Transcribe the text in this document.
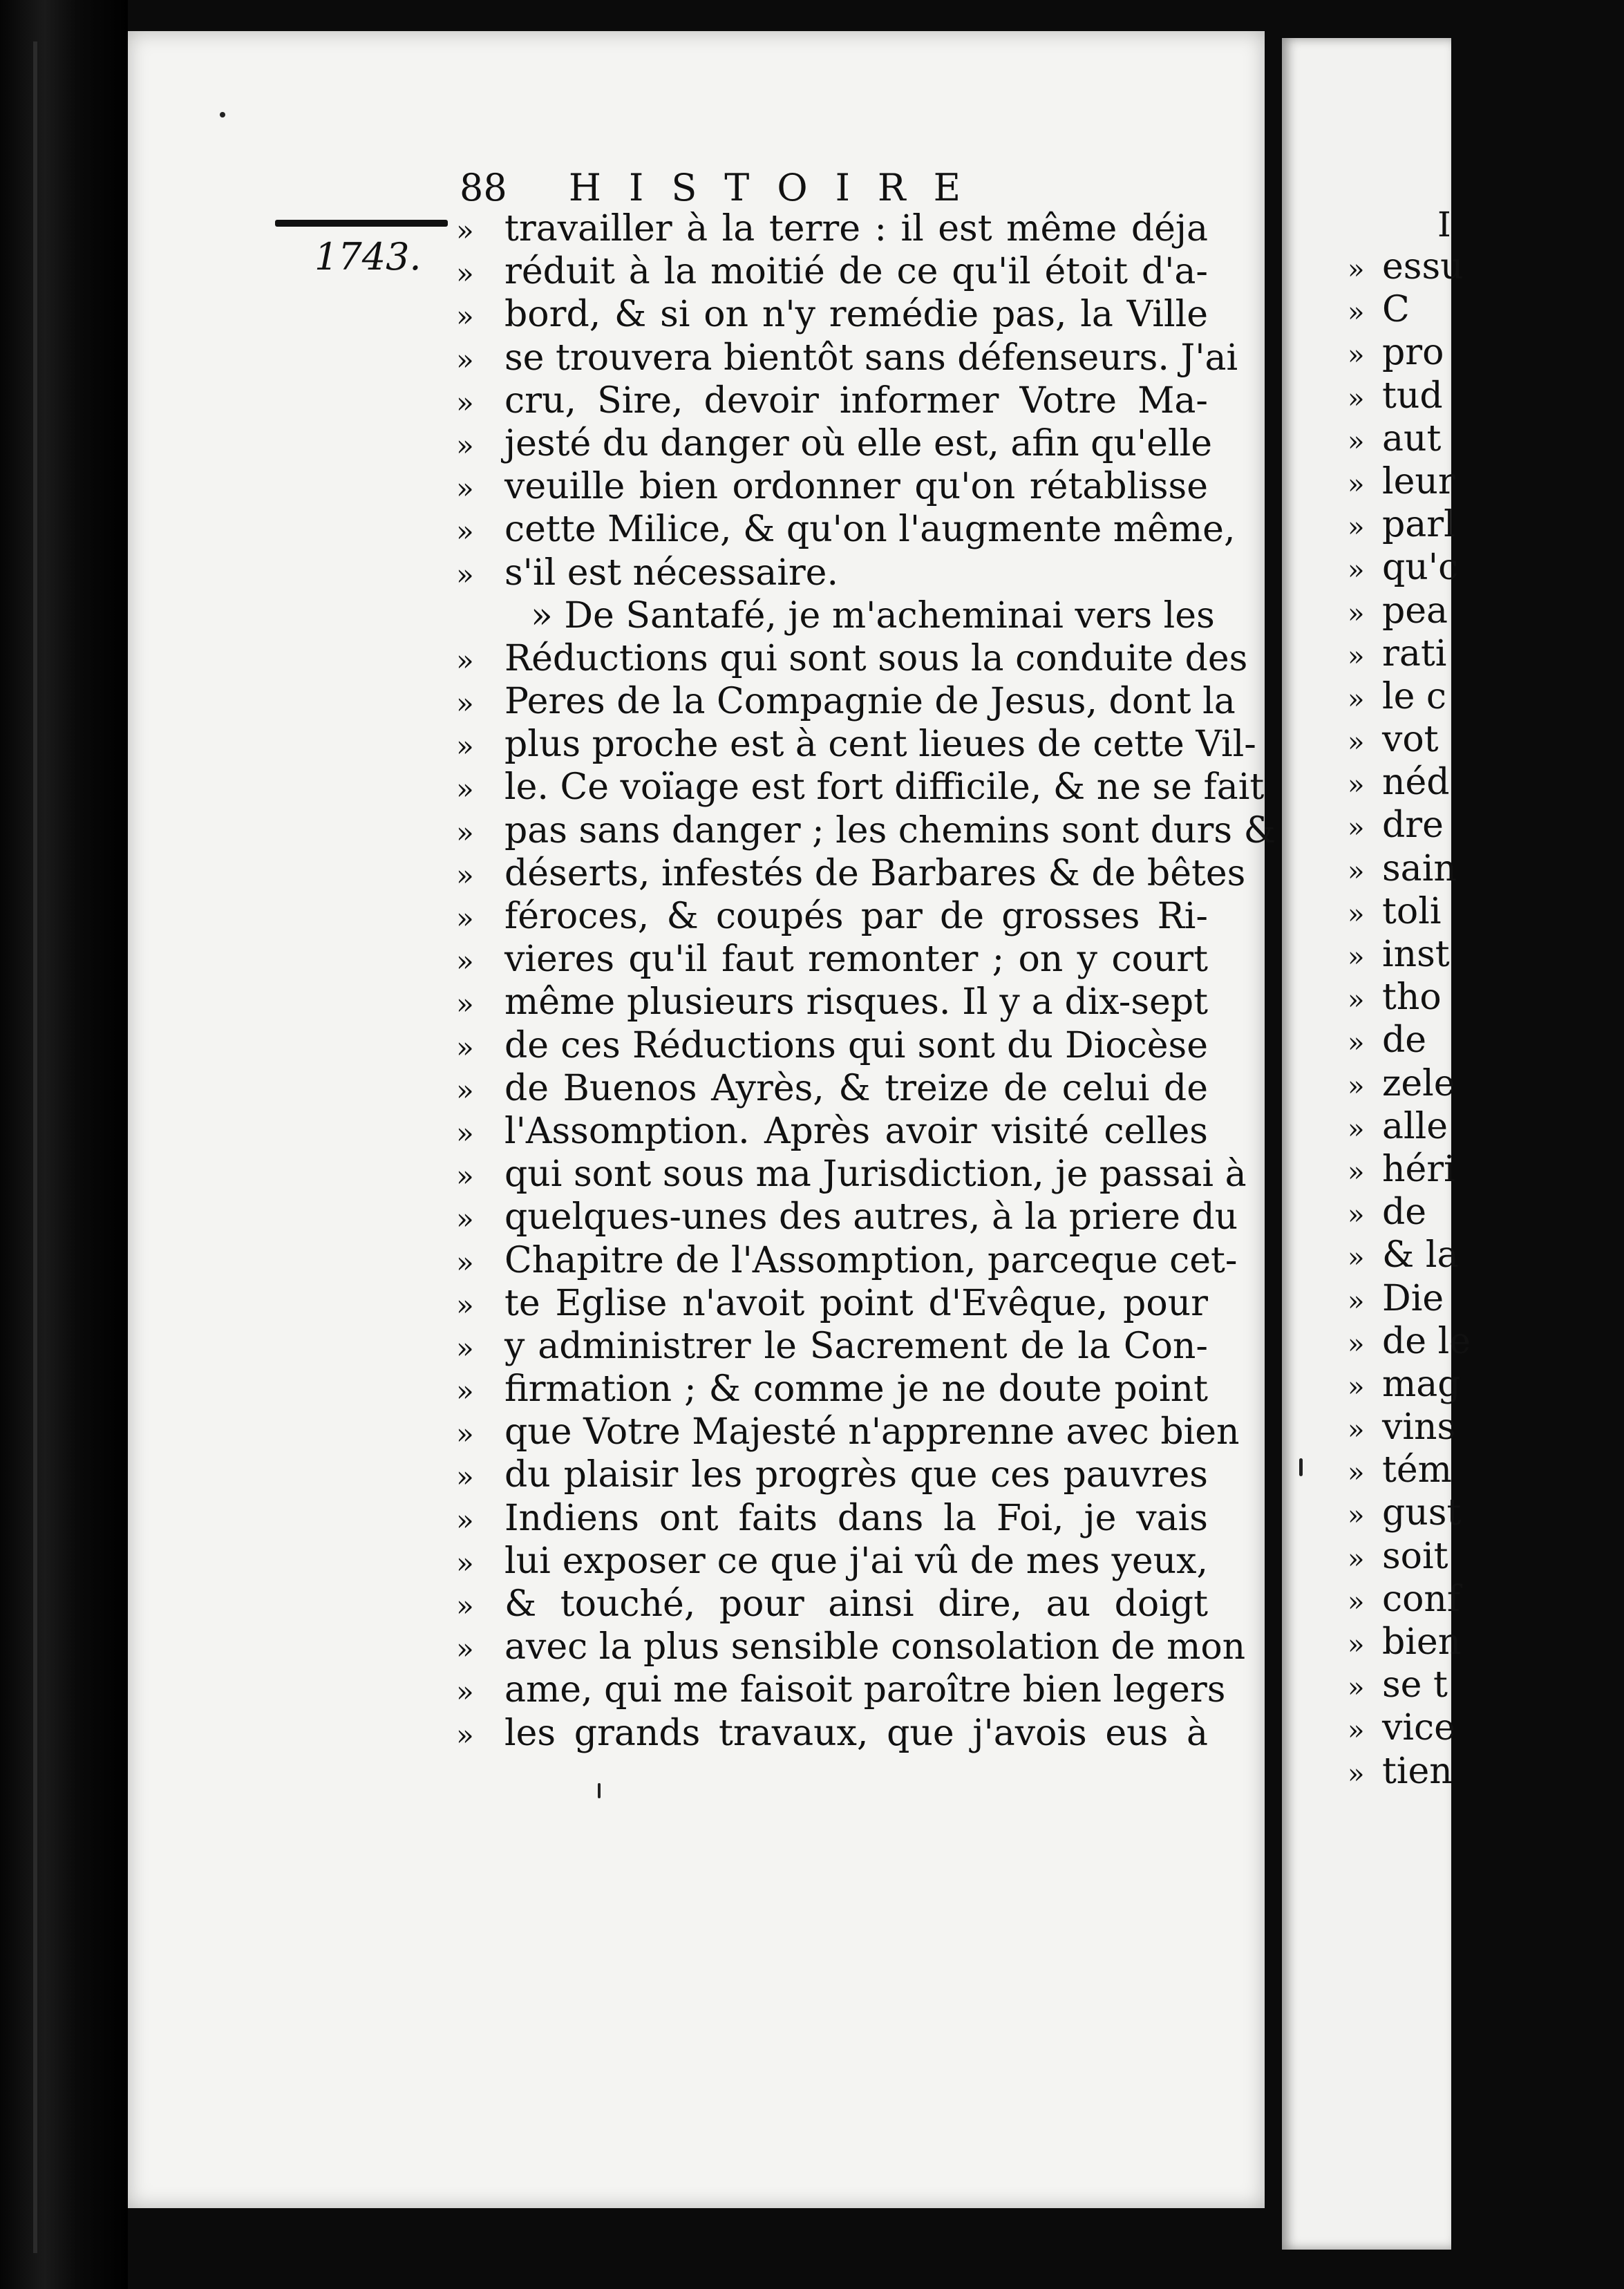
88 HISTOIRE
1743.
» travailler à la terre : il est même déja
» réduit à la moitié de ce qu'il étoit d'a-
» bord, & si on n'y remédie pas, la Ville
» se trouvera bientôt sans défenseurs. J'ai
» cru, Sire, devoir informer Votre Ma-
» jesté du danger où elle est, afin qu'elle
» veuille bien ordonner qu'on rétablisse
» cette Milice, & qu'on l'augmente même,
» s'il est nécessaire.
» De Santafé, je m'acheminai vers les
» Réductions qui sont sous la conduite des
» Peres de la Compagnie de Jesus, dont la
» plus proche est à cent lieues de cette Vil-
» le. Ce voïage est fort difficile, & ne se fait
» pas sans danger ; les chemins sont durs &
» déserts, infestés de Barbares & de bêtes
» féroces, & coupés par de grosses Ri-
» vieres qu'il faut remonter ; on y court
» même plusieurs risques. Il y a dix-sept
» de ces Réductions qui sont du Diocèse
» de Buenos Ayrès, & treize de celui de
» l'Assomption. Après avoir visité celles
» qui sont sous ma Jurisdiction, je passai à
» quelques-unes des autres, à la priere du
» Chapitre de l'Assomption, parceque cet-
» te Eglise n'avoit point d'Evêque, pour
» y administrer le Sacrement de la Con-
» firmation ; & comme je ne doute point
» que Votre Majesté n'apprenne avec bien
» du plaisir les progrès que ces pauvres
» Indiens ont faits dans la Foi, je vais
» lui exposer ce que j'ai vû de mes yeux,
» & touché, pour ainsi dire, au doigt
» avec la plus sensible consolation de mon
» ame, qui me faisoit paroître bien legers
» les grands travaux, que j'avois eus à
» essu
» C
» pro
» tud
» aut
» leur
» parl
» qu'c
» pea
» rati
» le c
» vot
» néd
» dre
» sain
» toli
» inst
» tho
» de
» zele
» alle
» héri
» de
» & la
» Die
» de le
» mag
» vins
» tém
» gust
» soit
» conf
» bien
» se t
» vice
» tien
I
